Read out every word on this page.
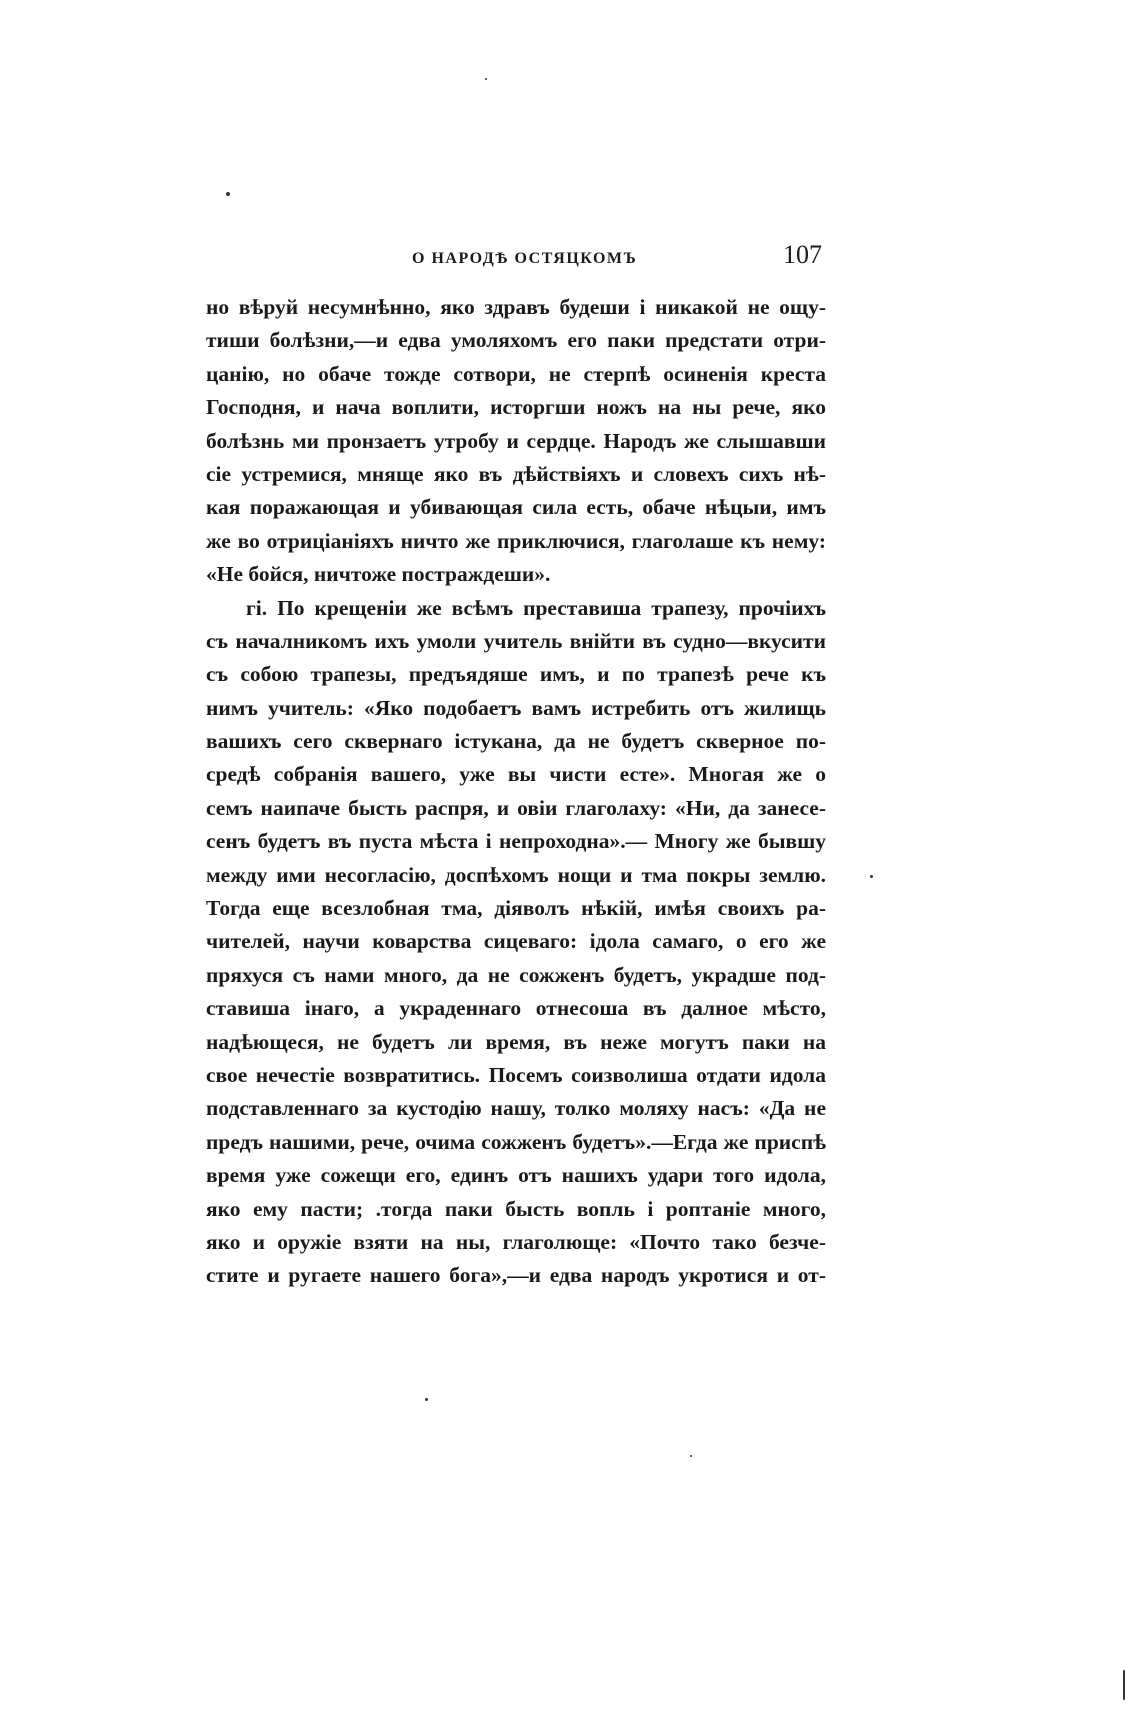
О НАРОДѢ ОСТЯЦКОМЪ	107
но вѣруй несумнѣнно, яко здравъ будеши і никакой не ощу-
тиши болѣзни,—и едва умоляхомъ его паки предстати отри-
цанію, но обаче тожде сотвори, не стерпѣ осиненія креста
Господня, и нача воплити, исторгши ножъ на ны рече, яко
болѣзнь ми пронзаетъ утробу и сердце. Народъ же слышавши
сіе устремися, мняще яко въ дѣйствіяхъ и словехъ сихъ нѣ-
кая поражающая и убивающая сила есть, обаче нѣцыи, имъ
же во отриціаніяхъ ничто же приключися, глаголаше къ нему:
«Не бойся, ничтоже постраждеши».
гі. По крещеніи же всѣмъ преставиша трапезу, прочіихъ
съ началникомъ ихъ умоли учитель внійти въ судно—вкусити
съ собою трапезы, предъядяше имъ, и по трапезѣ рече къ
нимъ учитель: «Яко подобаетъ вамъ истребить отъ жилищь
вашихъ сего сквернаго істукана, да не будетъ скверное по-
средѣ собранія вашего, уже вы чисти есте». Многая же о
семъ наипаче бысть распря, и овіи глаголаху: «Ни, да занесе-
сенъ будетъ въ пуста мѣста і непроходна».— Многу же бывшу
между ими несогласію, доспѣхомъ нощи и тма покры землю.
Тогда еще всезлобная тма, діяволъ нѣкій, имѣя своихъ ра-
чителей, научи коварства сицеваго: ідола самаго, о его же
пряхуся съ нами много, да не сожженъ будетъ, украдше под-
ставиша інаго, а украденнаго отнесоша въ далное мѣсто,
надѣющеся, не будетъ ли время, въ неже могутъ паки на
свое нечестіе возвратитись. Посемъ соизволиша отдати идола
подставленнаго за кустодію нашу, толко моляху насъ: «Да не
предъ нашими, рече, очима сожженъ будетъ».—Егда же приспѣ
время уже сожещи его, единъ отъ нашихъ удари того идола,
яко ему пасти; .тогда паки бысть вопль і роптаніе много,
яко и оружіе взяти на ны, глаголюще: «Почто тако безче-
стите и ругаете нашего бога»,—и едва народъ укротися и от-
